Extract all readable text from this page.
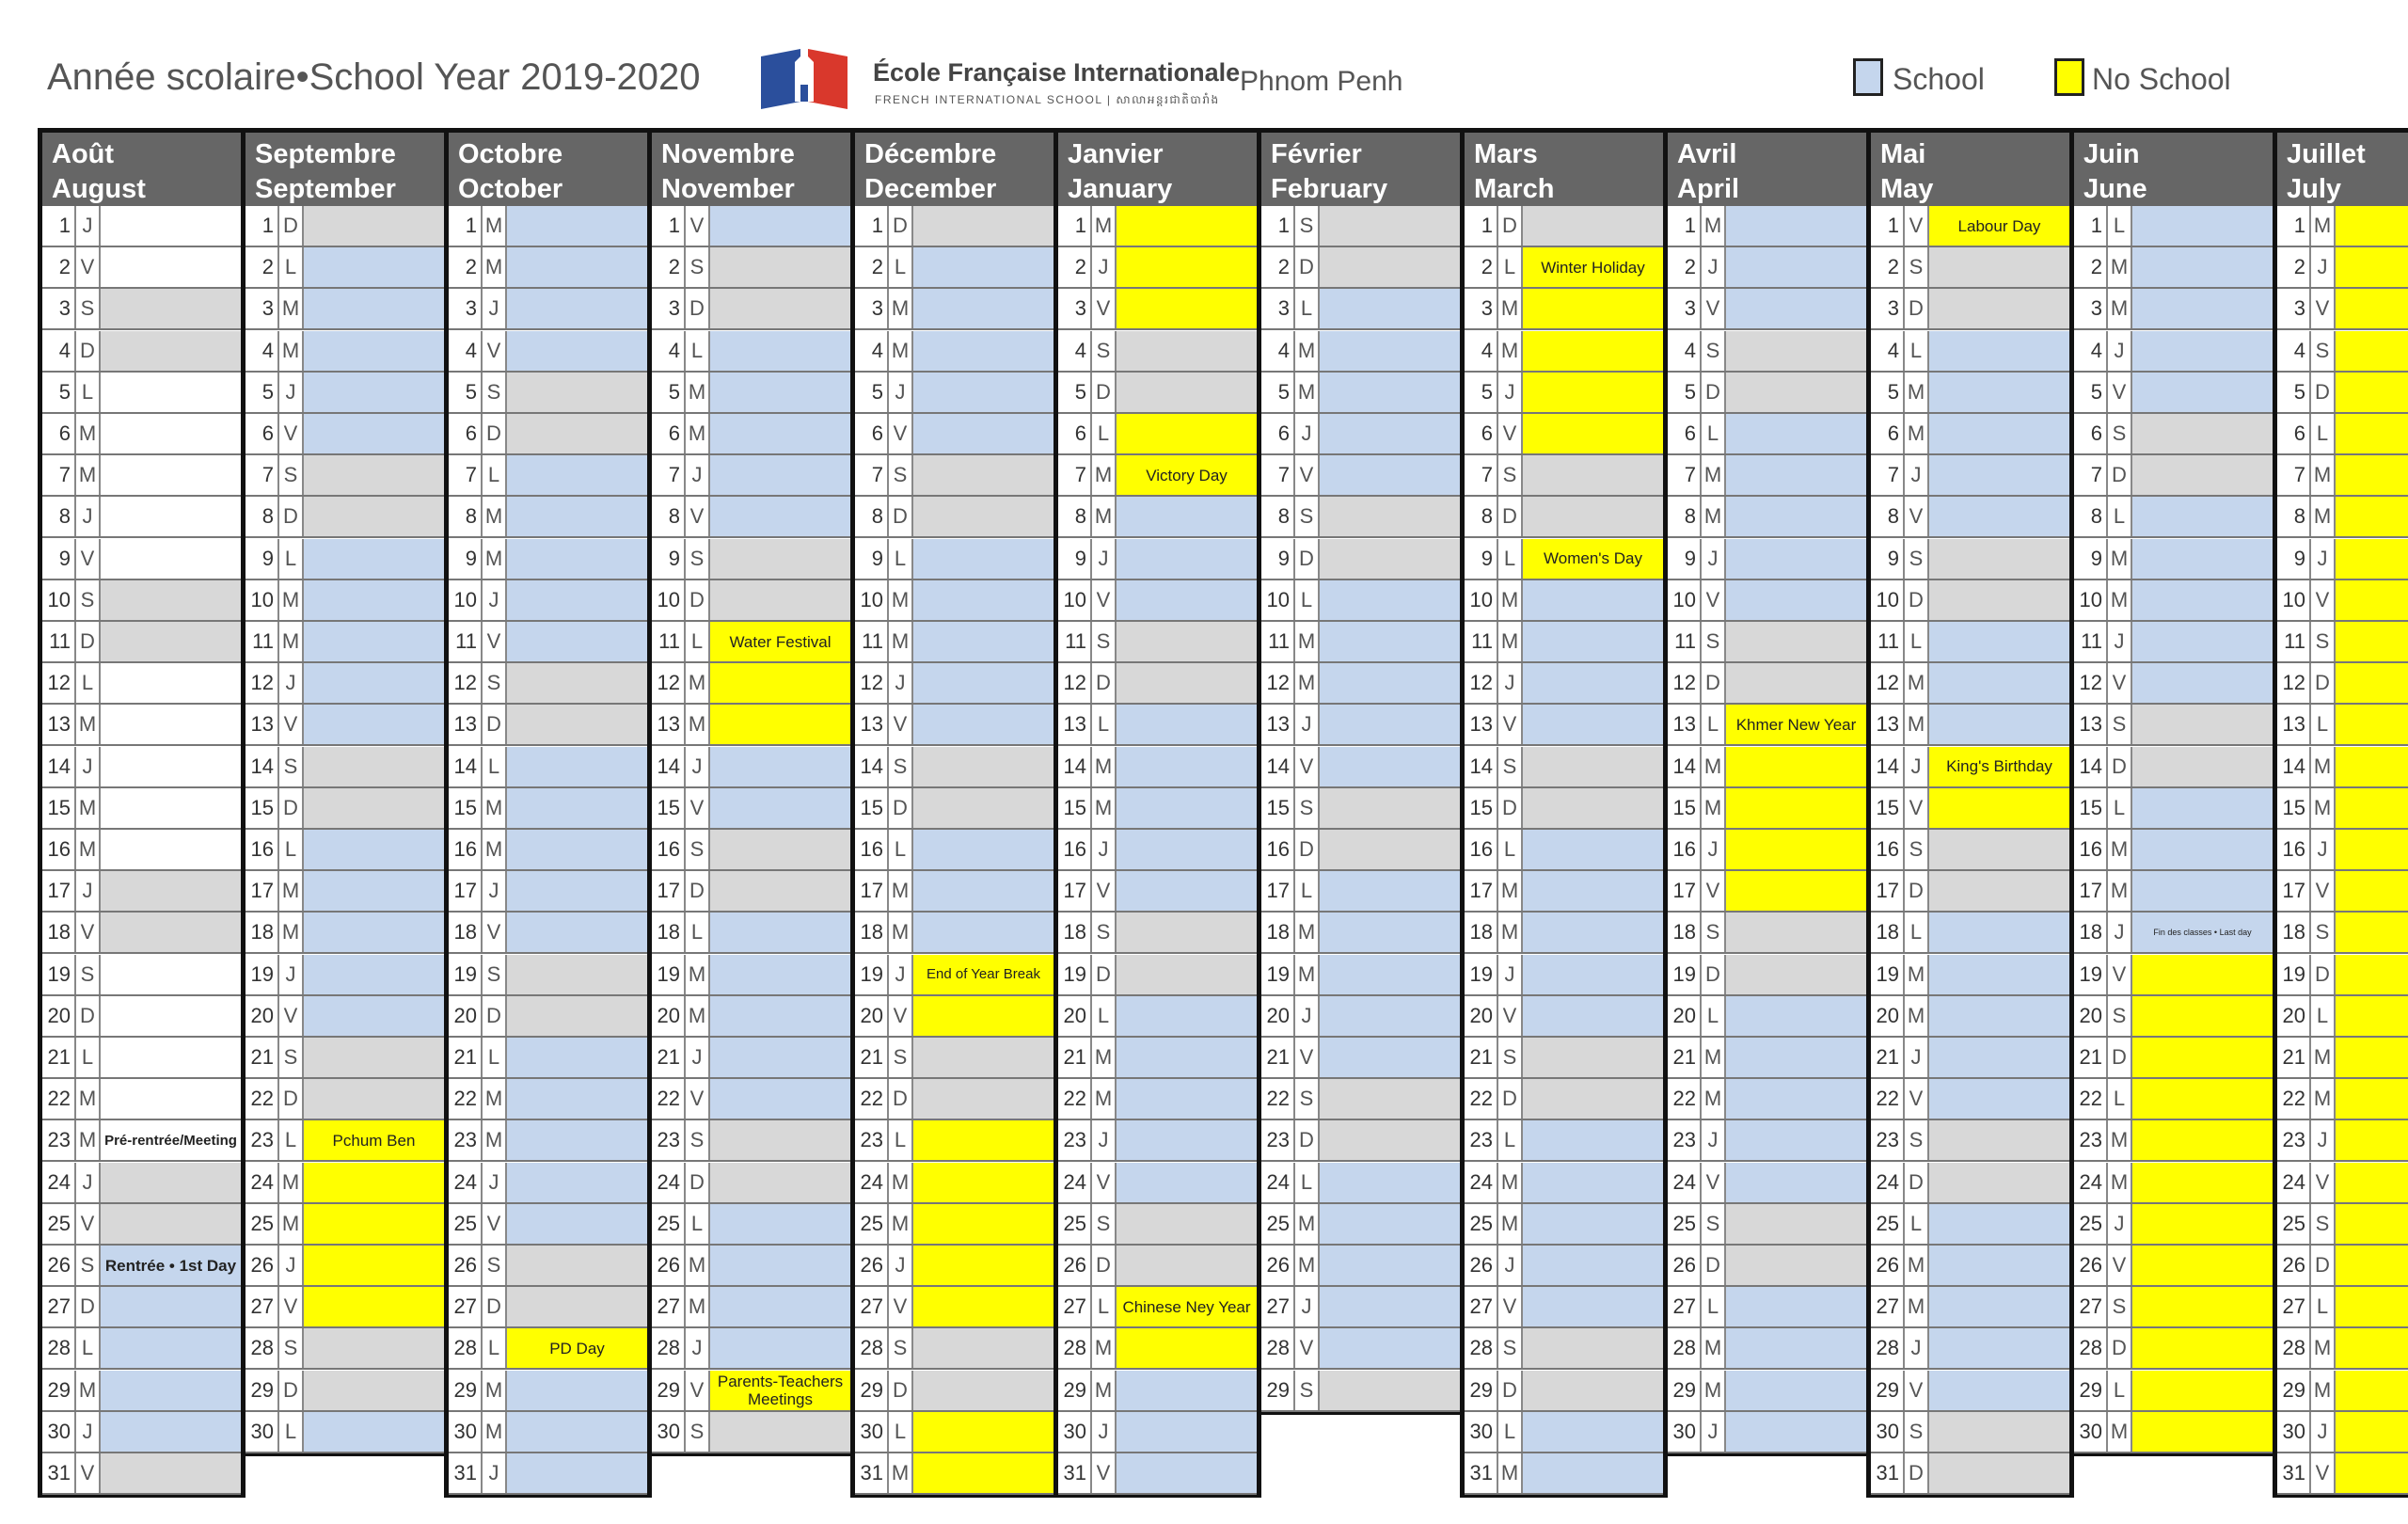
Année scolaire•School Year 2019-2020	École Française Internationale
FRENCH INTERNATIONAL SCHOOL | សាលាអន្តរជាតិបារាំង
Phnom Penh	School	No School
Août
August
1 J
2 V
3 S
4 D
5 L
6 M
7 M
8 J
9 V
10 S
11 D
12 L
13 M
14 J
15 M
16 M
17 J
18 V
19 S
20 D
21 L
22 M
23 M Pré-rentrée/Meeting
24 J
25 V
26 S Rentrée • 1st Day
27 D
28 L
29 M
30 J
31 V
Septembre
September
1 D
2 L
3 M
4 M
5 J
6 V
7 S
8 D
9 L
10 M
11 M
12 J
13 V
14 S
15 D
16 L
17 M
18 M
19 J
20 V
21 S
22 D
23 L	Pchum Ben
24 M
25 M
26 J
27 V
28 S
29 D
30 L
Octobre
October
1 M
2 M
3 J
4 V
5 S
6 D
7 L
8 M
9 M
10 J
11 V
12 S
13 D
14 L
15 M
16 M
17 J
18 V
19 S
20 D
21 L
22 M
23 M
24 J
25 V
26 S
27 D
28 L	PD Day
29 M
30 M
31 J
Novembre
November
1 V
2 S
3 D
4 L
5 M
6 M
7 J
8 V
9 S
10 D
11 L	Water Festival
12 M
13 M
14 J
15 V
16 S
17 D
18 L
19 M
20 M
21 J
22 V
23 S
24 D
25 L
26 M
27 M
28 J
29 V Parents-Teachers Meetings
30 S
Décembre
December
1 D
2 L
3 M
4 M
5 J
6 V
7 S
8 D
9 L
10 M
11 M
12 J
13 V
14 S
15 D
16 L
17 M
18 M
19 J	End of Year Break
20 V
21 S
22 D
23 L
24 M
25 M
26 J
27 V
28 S
29 D
30 L
31 M
Janvier
January
1 M
2 J
3 V
4 S
5 D
6 L
7 M	Victory Day
8 M
9 J
10 V
11 S
12 D
13 L
14 M
15 M
16 J
17 V
18 S
19 D
20 L
21 M
22 M
23 J
24 V
25 S
26 D
27 L Chinese Ney Year
28 M
29 M
30 J
31 V
Février
February
1 S
2 D
3 L
4 M
5 M
6 J
7 V
8 S
9 D
10 L
11 M
12 M
13 J
14 V
15 S
16 D
17 L
18 M
19 M
20 J
21 V
22 S
23 D
24 L
25 M
26 M
27 J
28 V
29 S
Mars
March
1 D
2 L	Winter Holiday
3 M
4 M
5 J
6 V
7 S
8 D
9 L	Women's Day
10 M
11 M
12 J
13 V
14 S
15 D
16 L
17 M
18 M
19 J
20 V
21 S
22 D
23 L
24 M
25 M
26 J
27 V
28 S
29 D
30 L
31 M
Avril
April
1 M
2 J
3 V
4 S
5 D
6 L
7 M
8 M
9 J
10 V
11 S
12 D
13 L	Khmer New Year
14 M
15 M
16 J
17 V
18 S
19 D
20 L
21 M
22 M
23 J
24 V
25 S
26 D
27 L
28 M
29 M
30 J
Mai
May
1 V	Labour Day
2 S
3 D
4 L
5 M
6 M
7 J
8 V
9 S
10 D
11 L
12 M
13 M
14 J	King's Birthday
15 V
16 S
17 D
18 L
19 M
20 M
21 J
22 V
23 S
24 D
25 L
26 M
27 M
28 J
29 V
30 S
31 D
Juin
June
1 L
2 M
3 M
4 J
5 V
6 S
7 D
8 L
9 M
10 M
11 J
12 V
13 S
14 D
15 L
16 M
17 M
18 J	Fin des classes • Last day
19 V
20 S
21 D
22 L
23 M
24 M
25 J
26 V
27 S
28 D
29 L
30 M
Juillet
July
1 M
2 J
3 V
4 S
5 D
6 L
7 M
8 M
9 J
10 V
11 S
12 D
13 L
14 M
15 M
16 J
17 V
18 S
19 D
20 L
21 M
22 M
23 J
24 V
25 S
26 D
27 L
28 M
29 M
30 J
31 V
